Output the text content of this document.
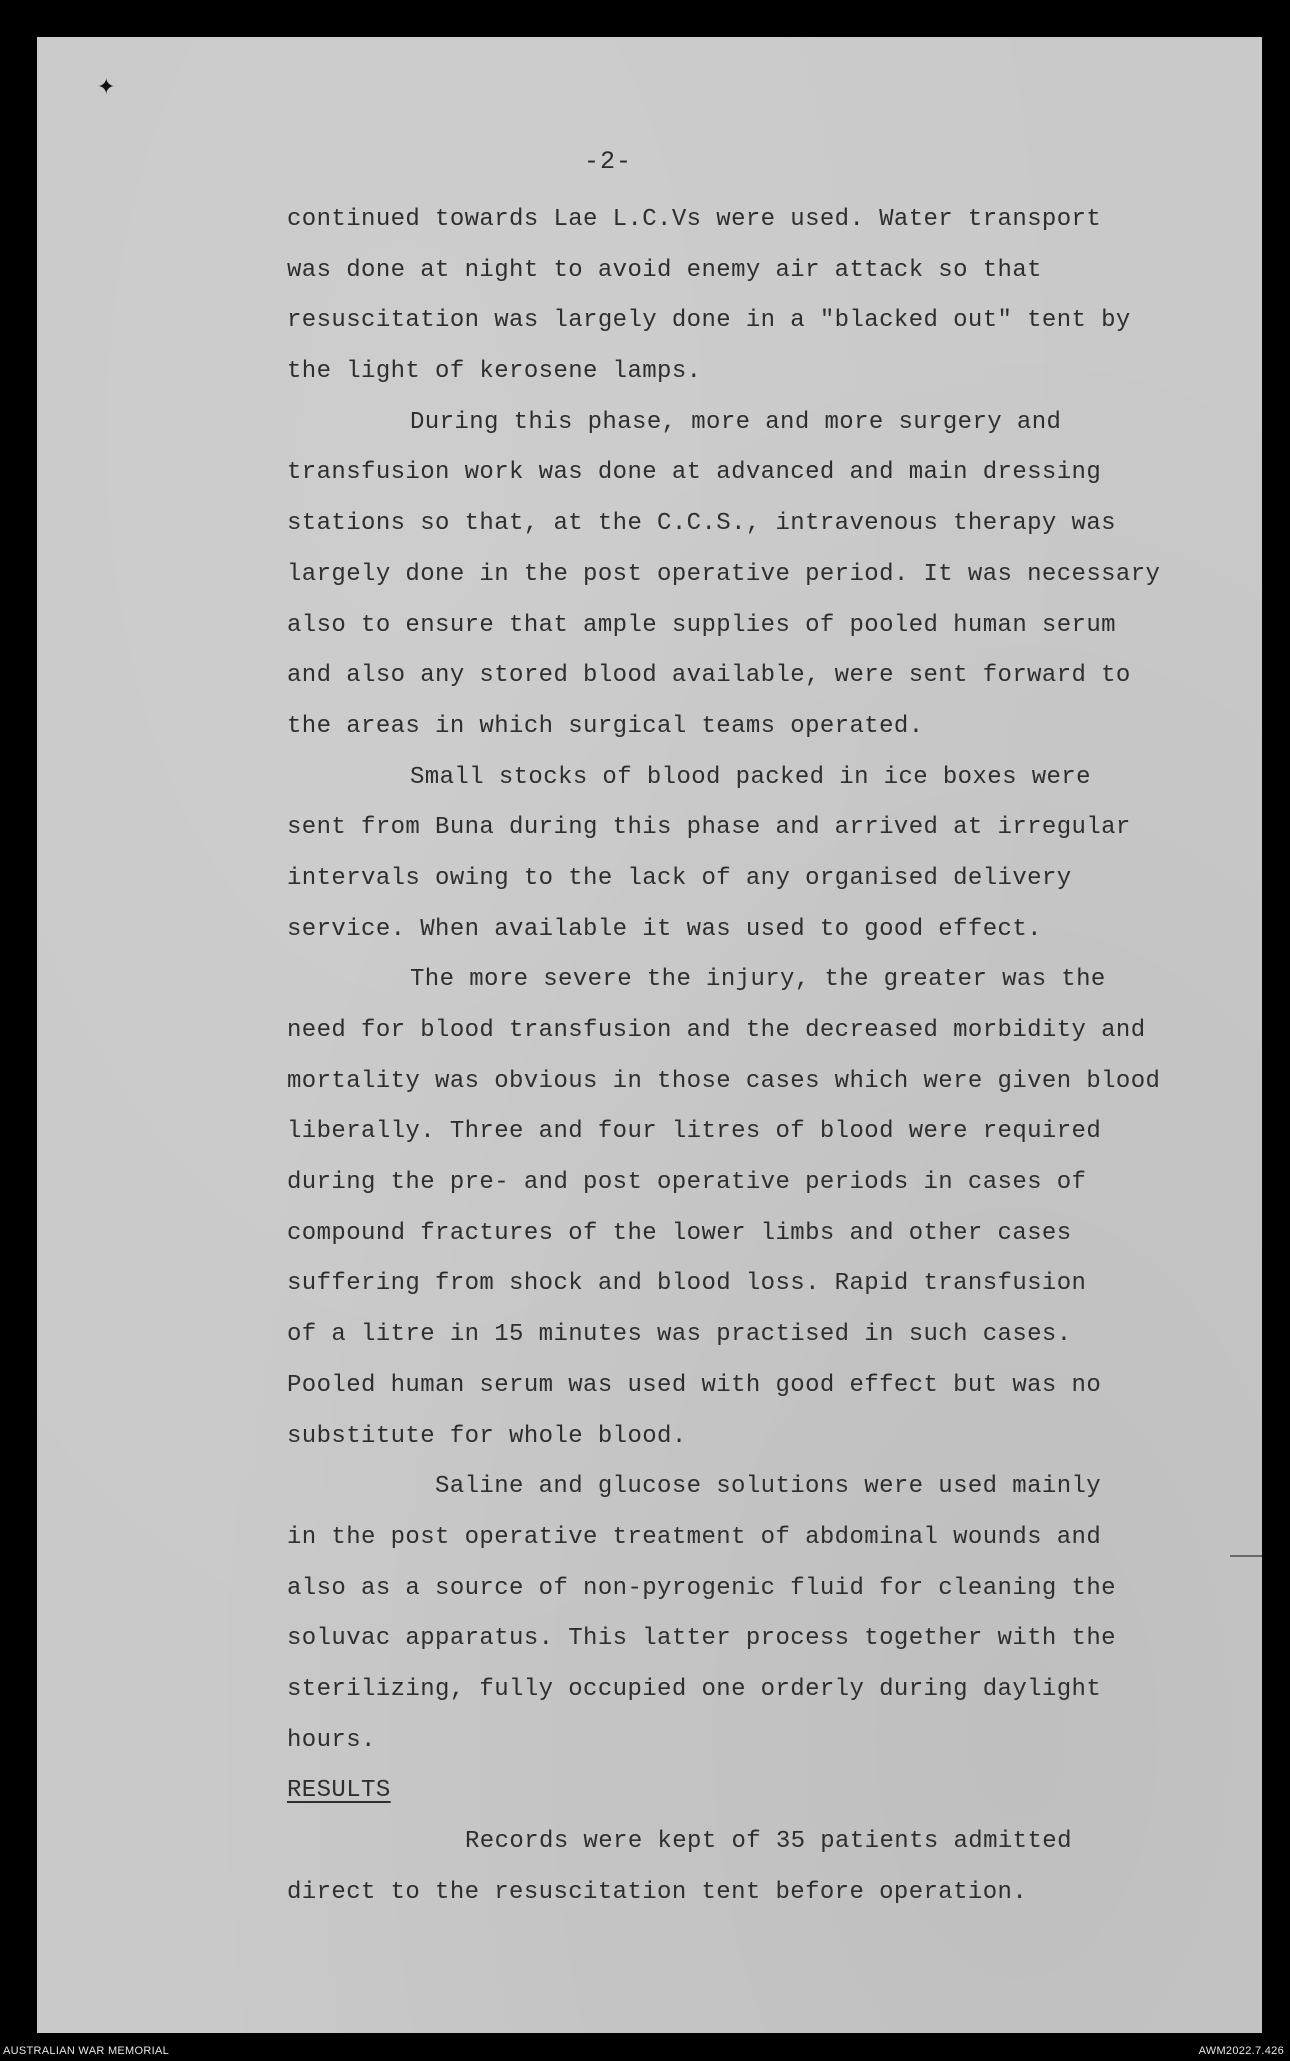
✦
-2-
continued towards Lae L.C.Vs were used. Water transport
was done at night to avoid enemy air attack so that
resuscitation was largely done in a "blacked out" tent by
the light of kerosene lamps.
During this phase, more and more surgery and
transfusion work was done at advanced and main dressing
stations so that, at the C.C.S., intravenous therapy was
largely done in the post operative period. It was necessary
also to ensure that ample supplies of pooled human serum
and also any stored blood available, were sent forward to
the areas in which surgical teams operated.
Small stocks of blood packed in ice boxes were
sent from Buna during this phase and arrived at irregular
intervals owing to the lack of any organised delivery
service. When available it was used to good effect.
The more severe the injury, the greater was the
need for blood transfusion and the decreased morbidity and
mortality was obvious in those cases which were given blood
liberally. Three and four litres of blood were required
during the pre- and post operative periods in cases of
compound fractures of the lower limbs and other cases
suffering from shock and blood loss. Rapid transfusion
of a litre in 15 minutes was practised in such cases.
Pooled human serum was used with good effect but was no
substitute for whole blood.
Saline and glucose solutions were used mainly
in the post operative treatment of abdominal wounds and
also as a source of non-pyrogenic fluid for cleaning the
soluvac apparatus. This latter process together with the
sterilizing, fully occupied one orderly during daylight
hours.
RESULTS
Records were kept of 35 patients admitted
direct to the resuscitation tent before operation.
AUSTRALIAN WAR MEMORIAL	AWM2022.7.426
